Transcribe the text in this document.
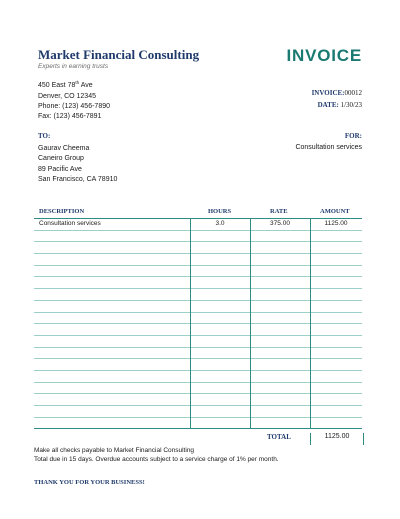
Market Financial Consulting
Experts in earning trusts
450 East 78th Ave
Denver, CO 12345
Phone: (123) 456-7890
Fax: (123) 456-7891
INVOICE
INVOICE:00012
DATE: 1/30/23
TO:
Gaurav Cheema
Caneiro Group
89 Pacific Ave
San Francisco, CA 78910
FOR:
Consultation services
DESCRIPTION	HOURS	RATE	AMOUNT
Consultation services	3.0	375.00	1125.00
TOTAL	1125.00
Make all checks payable to Market Financial Consulting
Total due in 15 days. Overdue accounts subject to a service charge of 1% per month.
THANK YOU FOR YOUR BUSINESS!
